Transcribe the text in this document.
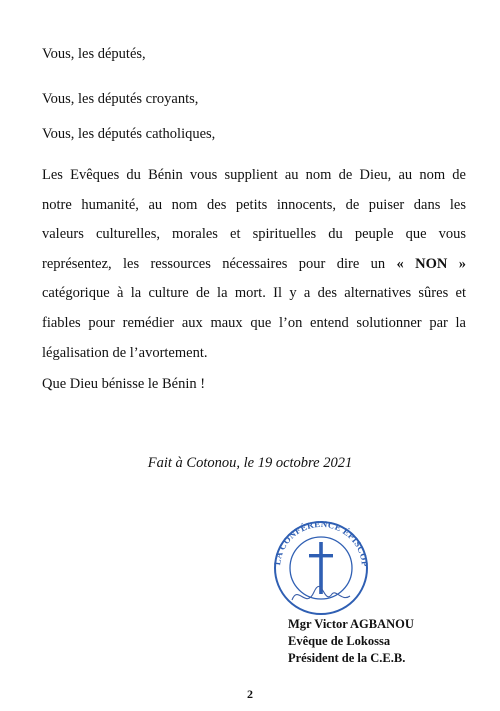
Vous, les députés,
Vous, les députés croyants,
Vous, les députés catholiques,
Les Evêques du Bénin vous supplient au nom de Dieu, au nom de
notre humanité, au nom des petits innocents, de puiser dans les
valeurs culturelles, morales et spirituelles du peuple que vous
représentez, les ressources nécessaires pour dire un « NON »
catégorique à la culture de la mort. Il y a des alternatives sûres et
fiables pour remédier aux maux que l’on entend solutionner par la
légalisation de l’avortement.
Que Dieu bénisse le Bénin !
Fait à Cotonou, le 19 octobre 2021
LA CONFÉRENCE ÉPISCOP
Mgr Victor AGBANOU
Evêque de Lokossa
Président de la C.E.B.
2
